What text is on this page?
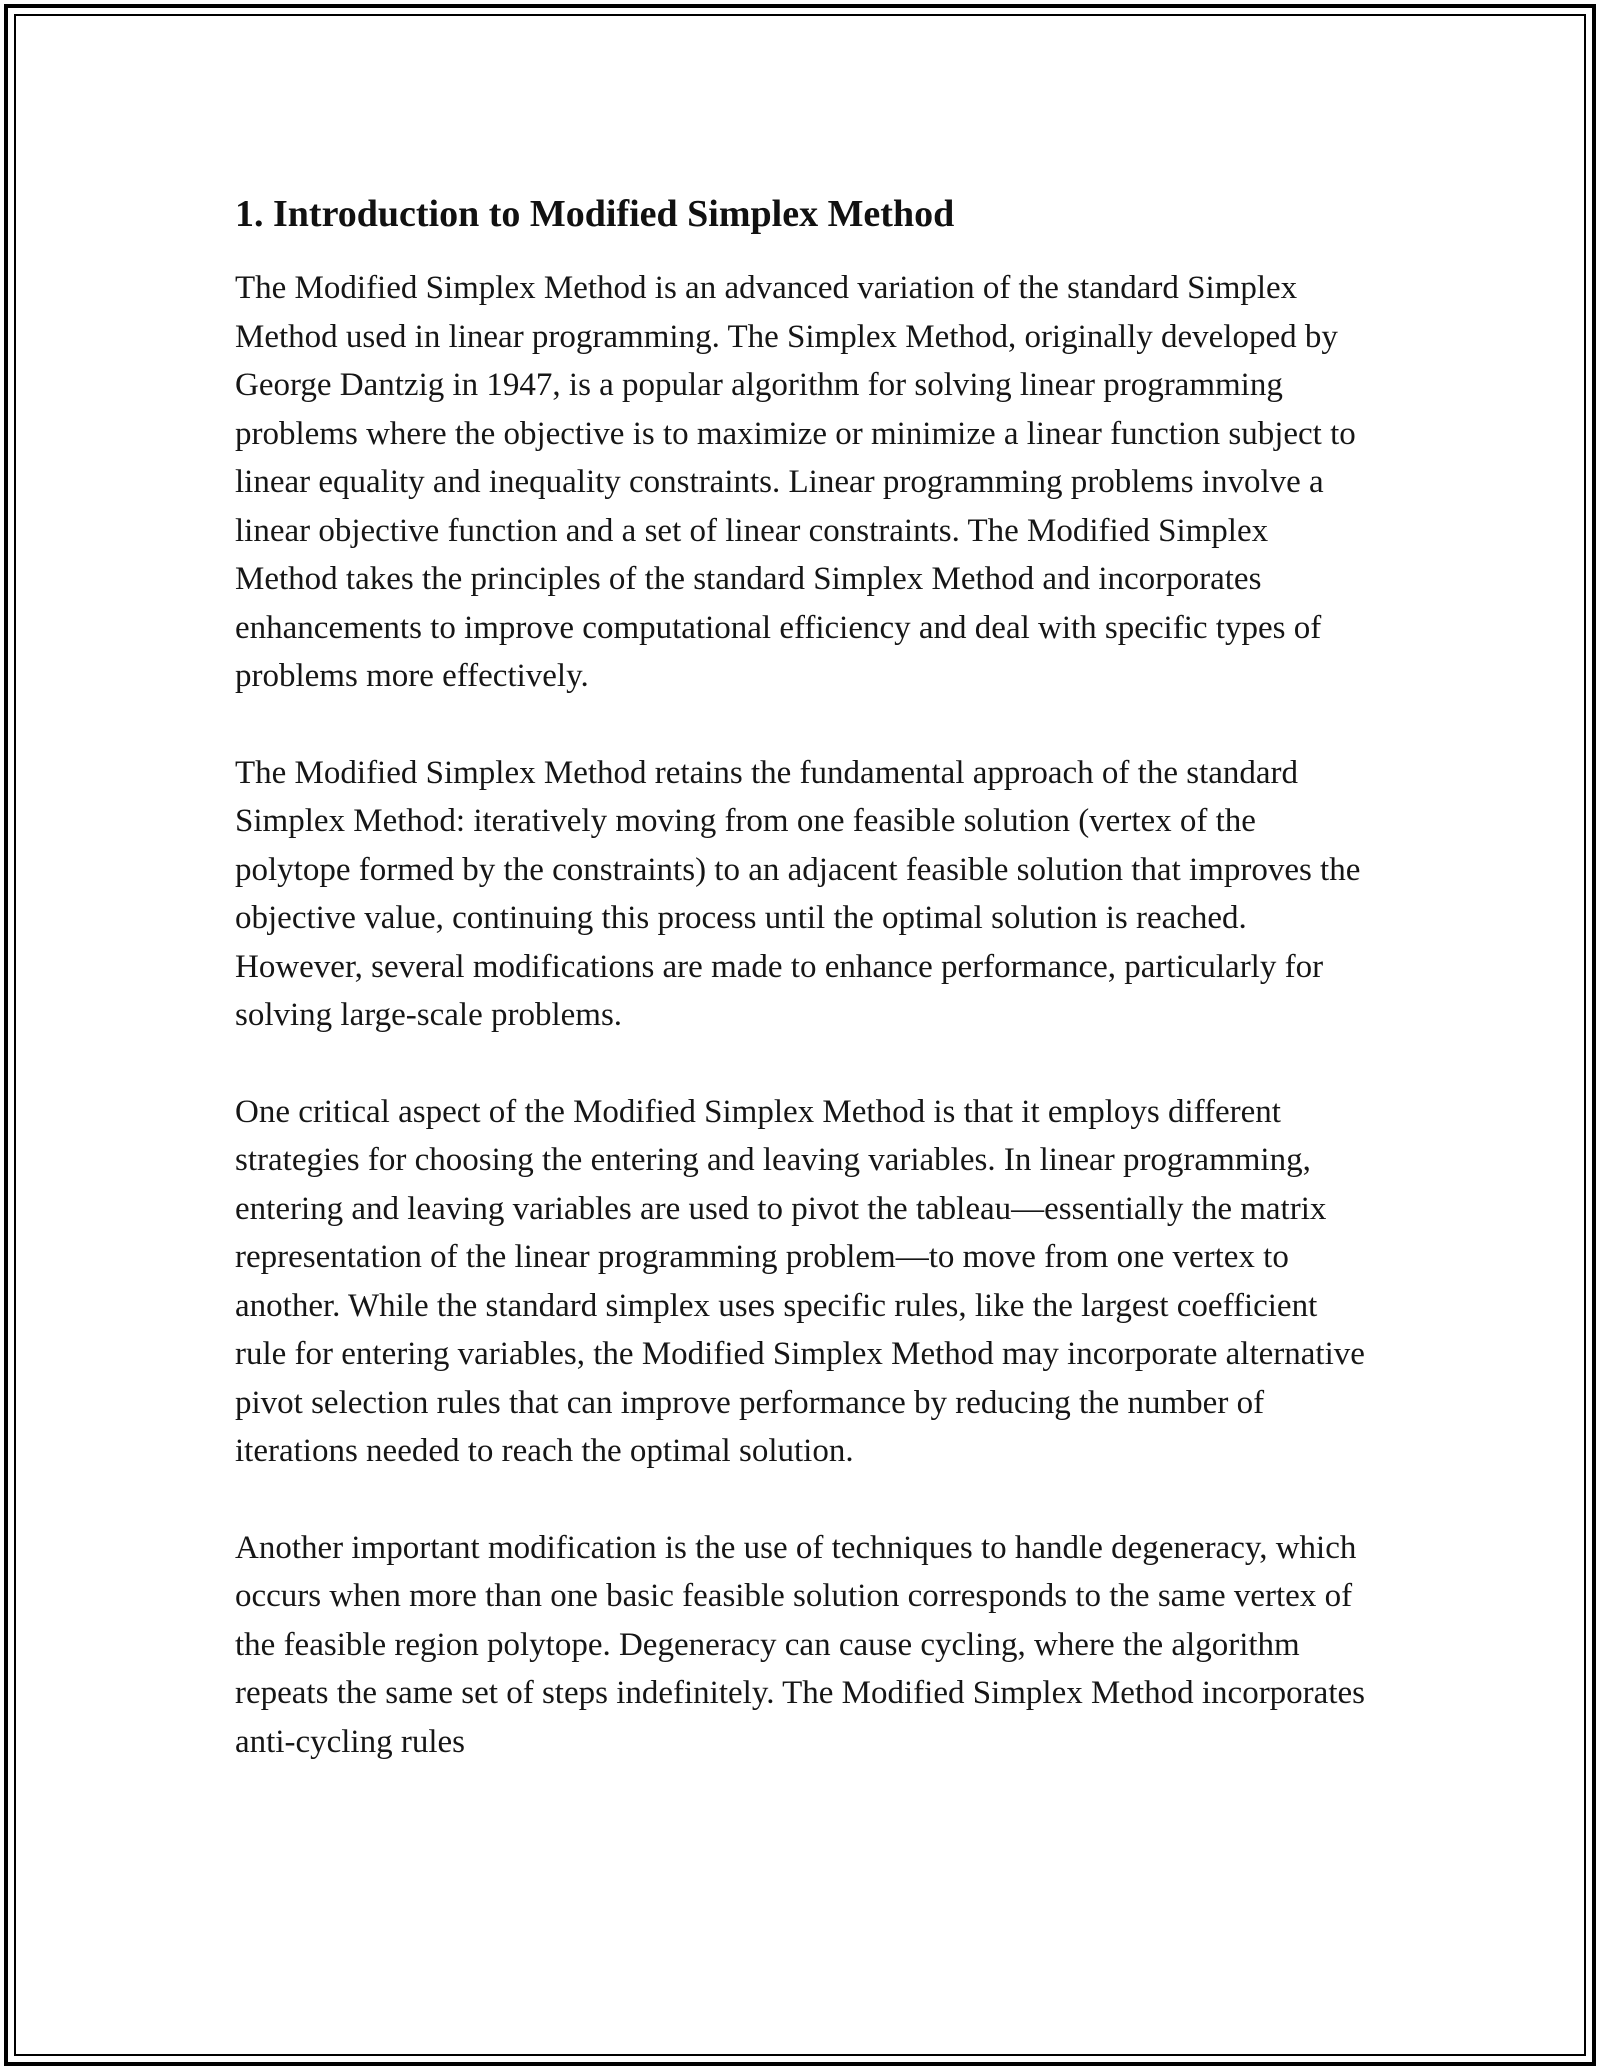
1. Introduction to Modified Simplex Method

The Modified Simplex Method is an advanced variation of the standard Simplex Method used in linear programming. The Simplex Method, originally developed by George Dantzig in 1947, is a popular algorithm for solving linear programming problems where the objective is to maximize or minimize a linear function subject to linear equality and inequality constraints. Linear programming problems involve a linear objective function and a set of linear constraints. The Modified Simplex Method takes the principles of the standard Simplex Method and incorporates enhancements to improve computational efficiency and deal with specific types of problems more effectively.

The Modified Simplex Method retains the fundamental approach of the standard Simplex Method: iteratively moving from one feasible solution (vertex of the polytope formed by the constraints) to an adjacent feasible solution that improves the objective value, continuing this process until the optimal solution is reached. However, several modifications are made to enhance performance, particularly for solving large-scale problems.

One critical aspect of the Modified Simplex Method is that it employs different strategies for choosing the entering and leaving variables. In linear programming, entering and leaving variables are used to pivot the tableau—essentially the matrix representation of the linear programming problem—to move from one vertex to another. While the standard simplex uses specific rules, like the largest coefficient rule for entering variables, the Modified Simplex Method may incorporate alternative pivot selection rules that can improve performance by reducing the number of iterations needed to reach the optimal solution.

Another important modification is the use of techniques to handle degeneracy, which occurs when more than one basic feasible solution corresponds to the same vertex of the feasible region polytope. Degeneracy can cause cycling, where the algorithm repeats the same set of steps indefinitely. The Modified Simplex Method incorporates anti-cycling rules
